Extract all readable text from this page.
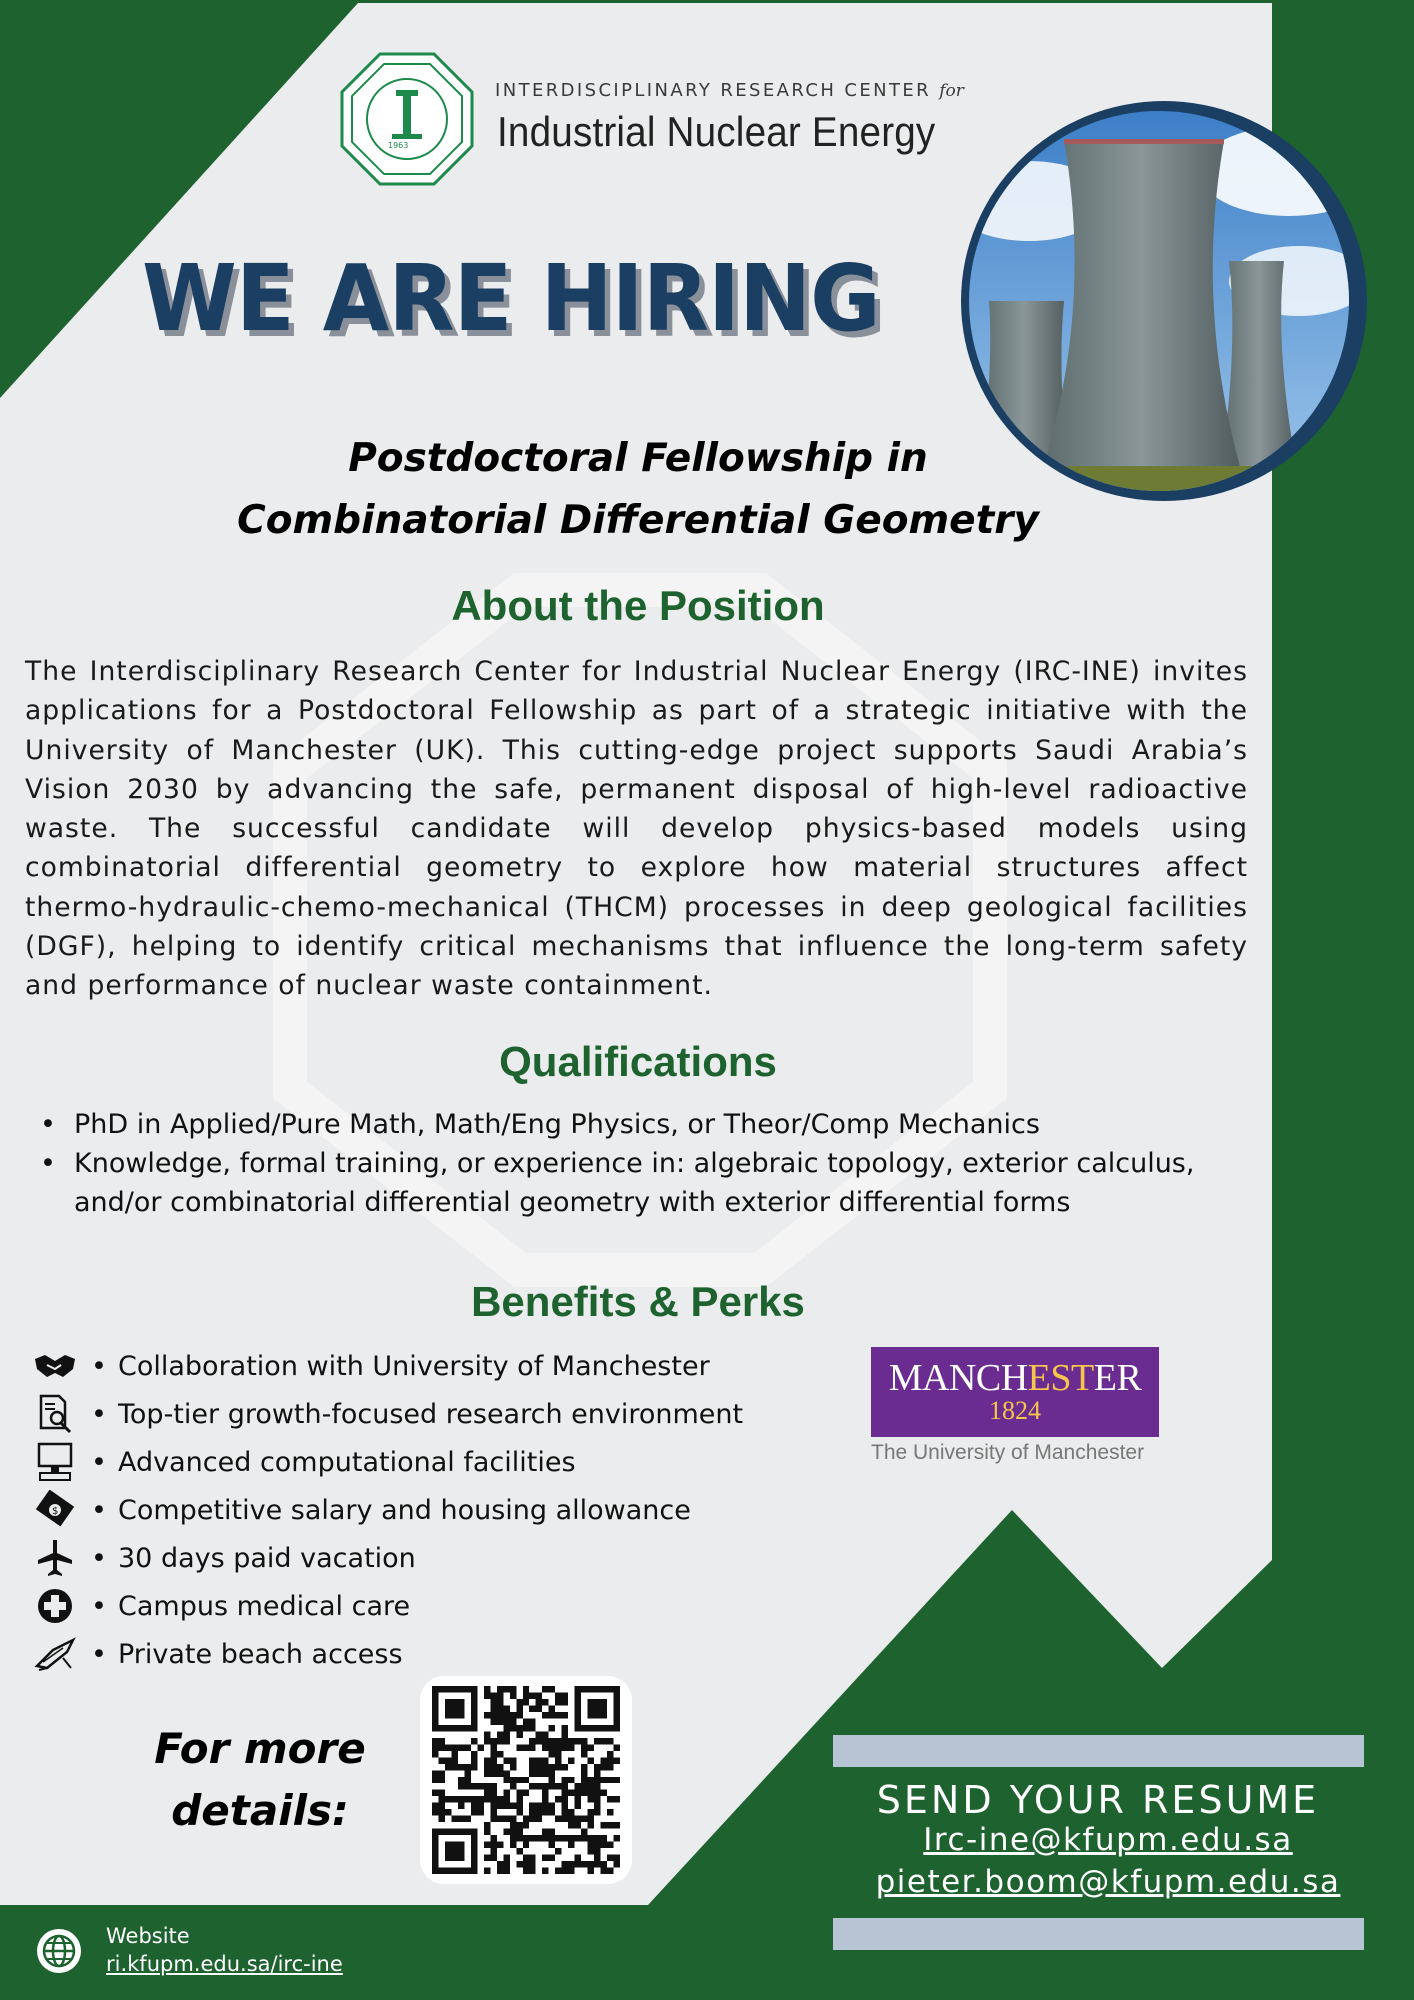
1963
INTERDISCIPLINARY RESEARCH CENTER for
Industrial Nuclear Energy
WE ARE HIRING
Postdoctoral Fellowship in
Combinatorial Differential Geometry
About the Position
The Interdisciplinary Research Center for Industrial Nuclear Energy (IRC-INE) invites applications for a Postdoctoral Fellowship as part of a strategic initiative with the University of Manchester (UK). This cutting-edge project supports Saudi Arabia’s Vision 2030 by advancing the safe, permanent disposal of high-level radioactive waste. The successful candidate will develop physics-based models using combinatorial differential geometry to explore how material structures affect thermo-hydraulic-chemo-mechanical (THCM) processes in deep geological facilities (DGF), helping to identify critical mechanisms that influence the long-term safety and performance of nuclear waste containment.
Qualifications
• PhD in Applied/Pure Math, Math/Eng Physics, or Theor/Comp Mechanics
• Knowledge, formal training, or experience in: algebraic topology, exterior calculus, and/or combinatorial differential geometry with exterior differential forms
Benefits & Perks
• Collaboration with University of Manchester
• Top-tier growth-focused research environment
• Advanced computational facilities
$	• Competitive salary and housing allowance
• 30 days paid vacation
• Campus medical care
• Private beach access
MANCHESTER
1824
The University of Manchester
For more
details:	SEND YOUR RESUME
Irc-ine@kfupm.edu.sa
pieter.boom@kfupm.edu.sa
Website
ri.kfupm.edu.sa/irc-ine
